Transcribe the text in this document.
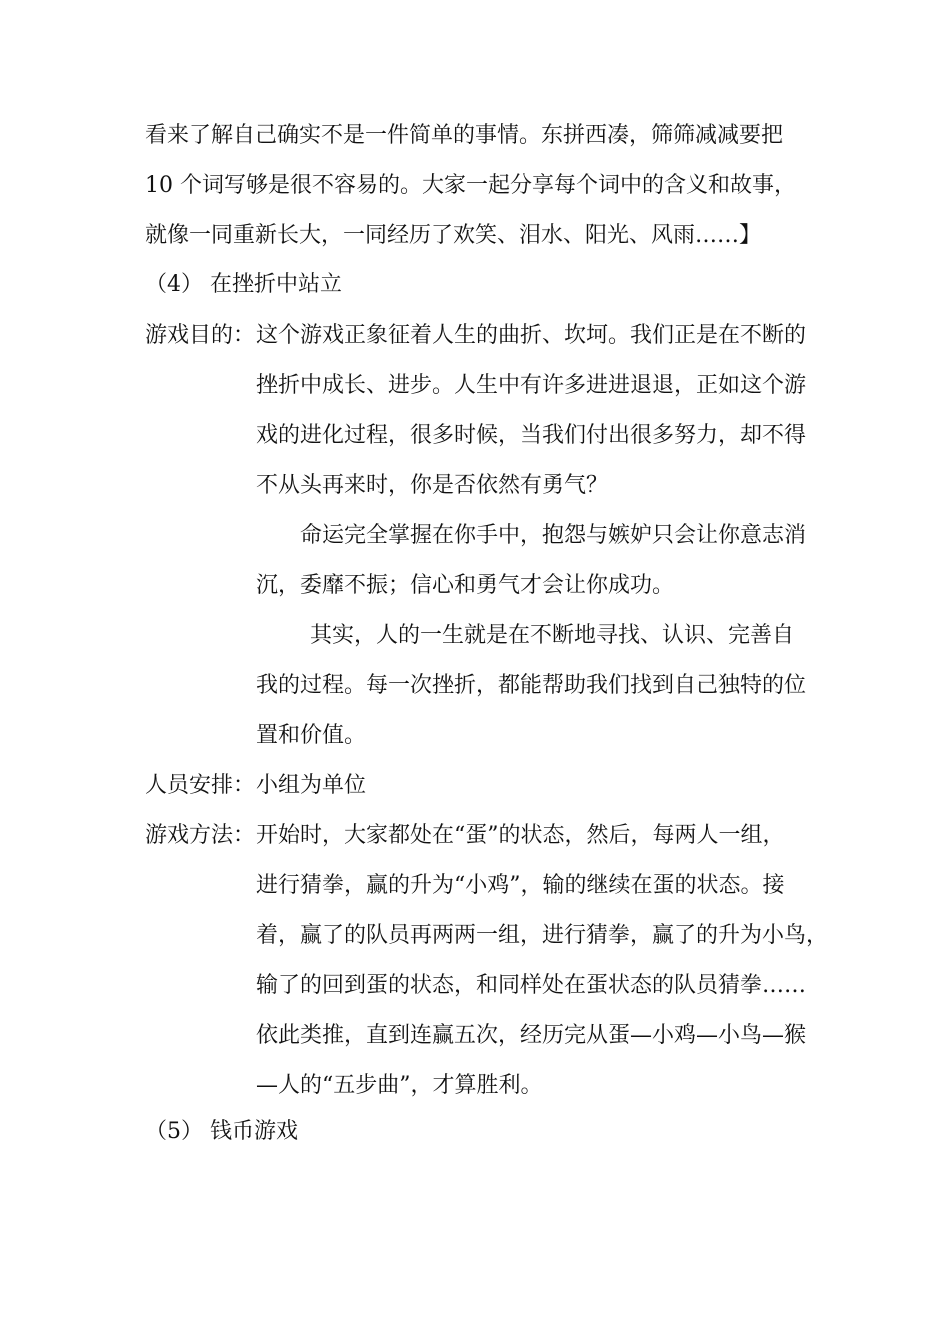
看来了解自己确实不是一件简单的事情。东拼西凑，筛筛减减要把
10 个词写够是很不容易的。大家一起分享每个词中的含义和故事，
就像一同重新长大，一同经历了欢笑、泪水、阳光、风雨……】
（4） 在挫折中站立
游戏目的： 这个游戏正象征着人生的曲折、坎坷。我们正是在不断的
挫折中成长、进步。人生中有许多进进退退，正如这个游
戏的进化过程，很多时候，当我们付出很多努力，却不得
不从头再来时，你是否依然有勇气？
命运完全掌握在你手中，抱怨与嫉妒只会让你意志消
沉，委靡不振；信心和勇气才会让你成功。
其实，人的一生就是在不断地寻找、认识、完善自
我的过程。每一次挫折，都能帮助我们找到自己独特的位
置和价值。
人员安排： 小组为单位
游戏方法： 开始时，大家都处在“蛋”的状态，然后，每两人一组，
进行猜拳，赢的升为“小鸡”，输的继续在蛋的状态。接
着，赢了的队员再两两一组，进行猜拳，赢了的升为小鸟，
输了的回到蛋的状态，和同样处在蛋状态的队员猜拳……
依此类推，直到连赢五次，经历完从蛋—小鸡—小鸟—猴
—人的“五步曲”，才算胜利。
（5） 钱币游戏
